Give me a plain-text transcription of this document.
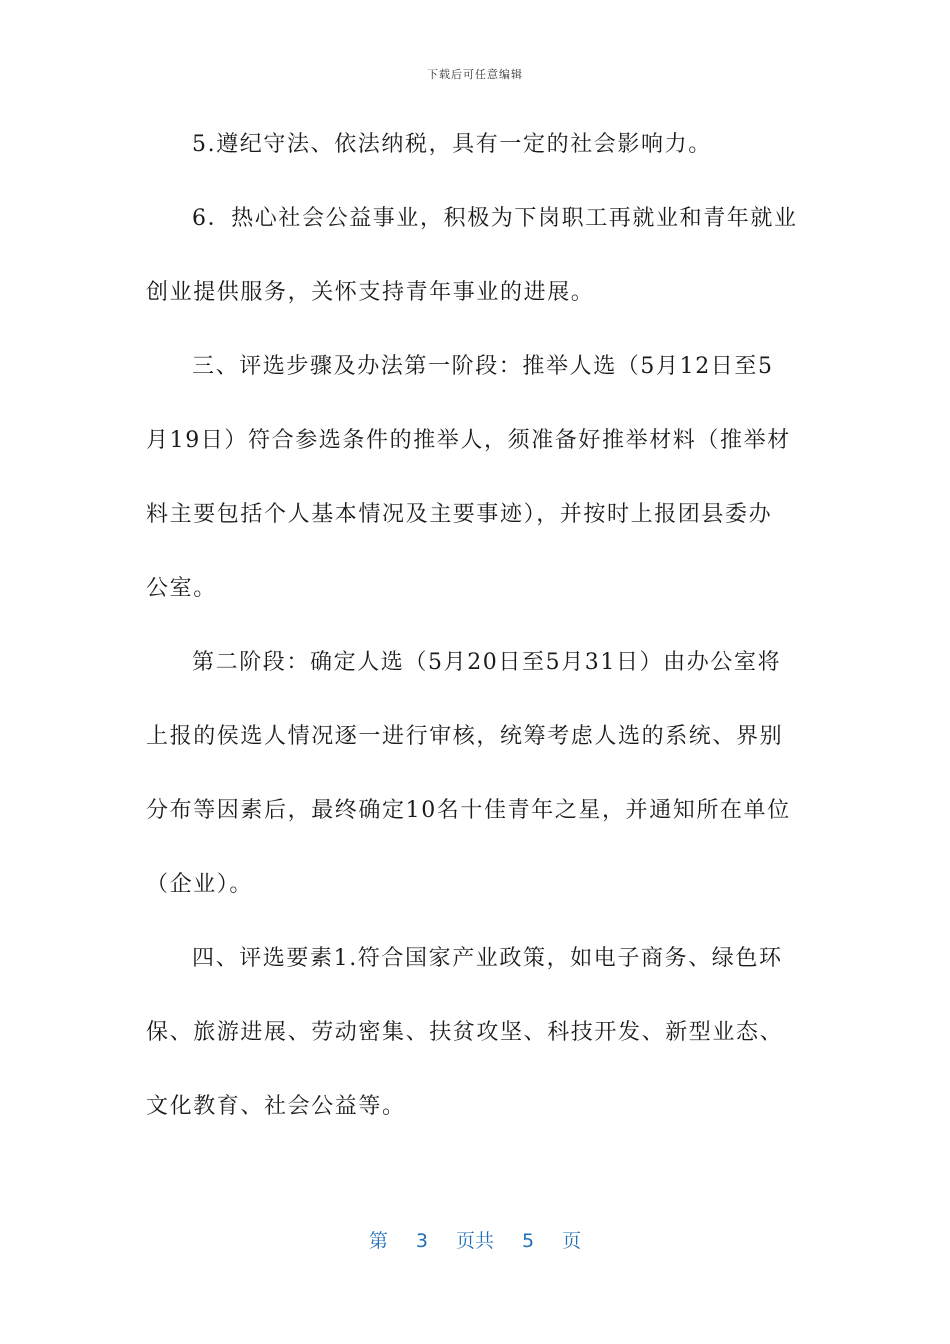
下载后可任意编辑
5.遵纪守法、依法纳税，具有一定的社会影响力。
6．热心社会公益事业，积极为下岗职工再就业和青年就业
创业提供服务，关怀支持青年事业的进展。
三、评选步骤及办法第一阶段：推举人选（5月12日至5
月19日）符合参选条件的推举人，须准备好推举材料（推举材
料主要包括个人基本情况及主要事迹），并按时上报团县委办
公室。
第二阶段：确定人选（5月20日至5月31日）由办公室将
上报的侯选人情况逐一进行审核，统筹考虑人选的系统、界别
分布等因素后，最终确定10名十佳青年之星，并通知所在单位
（企业）。
四、评选要素1.符合国家产业政策，如电子商务、绿色环
保、旅游进展、劳动密集、扶贫攻坚、科技开发、新型业态、
文化教育、社会公益等。
第 3 页共 5 页
